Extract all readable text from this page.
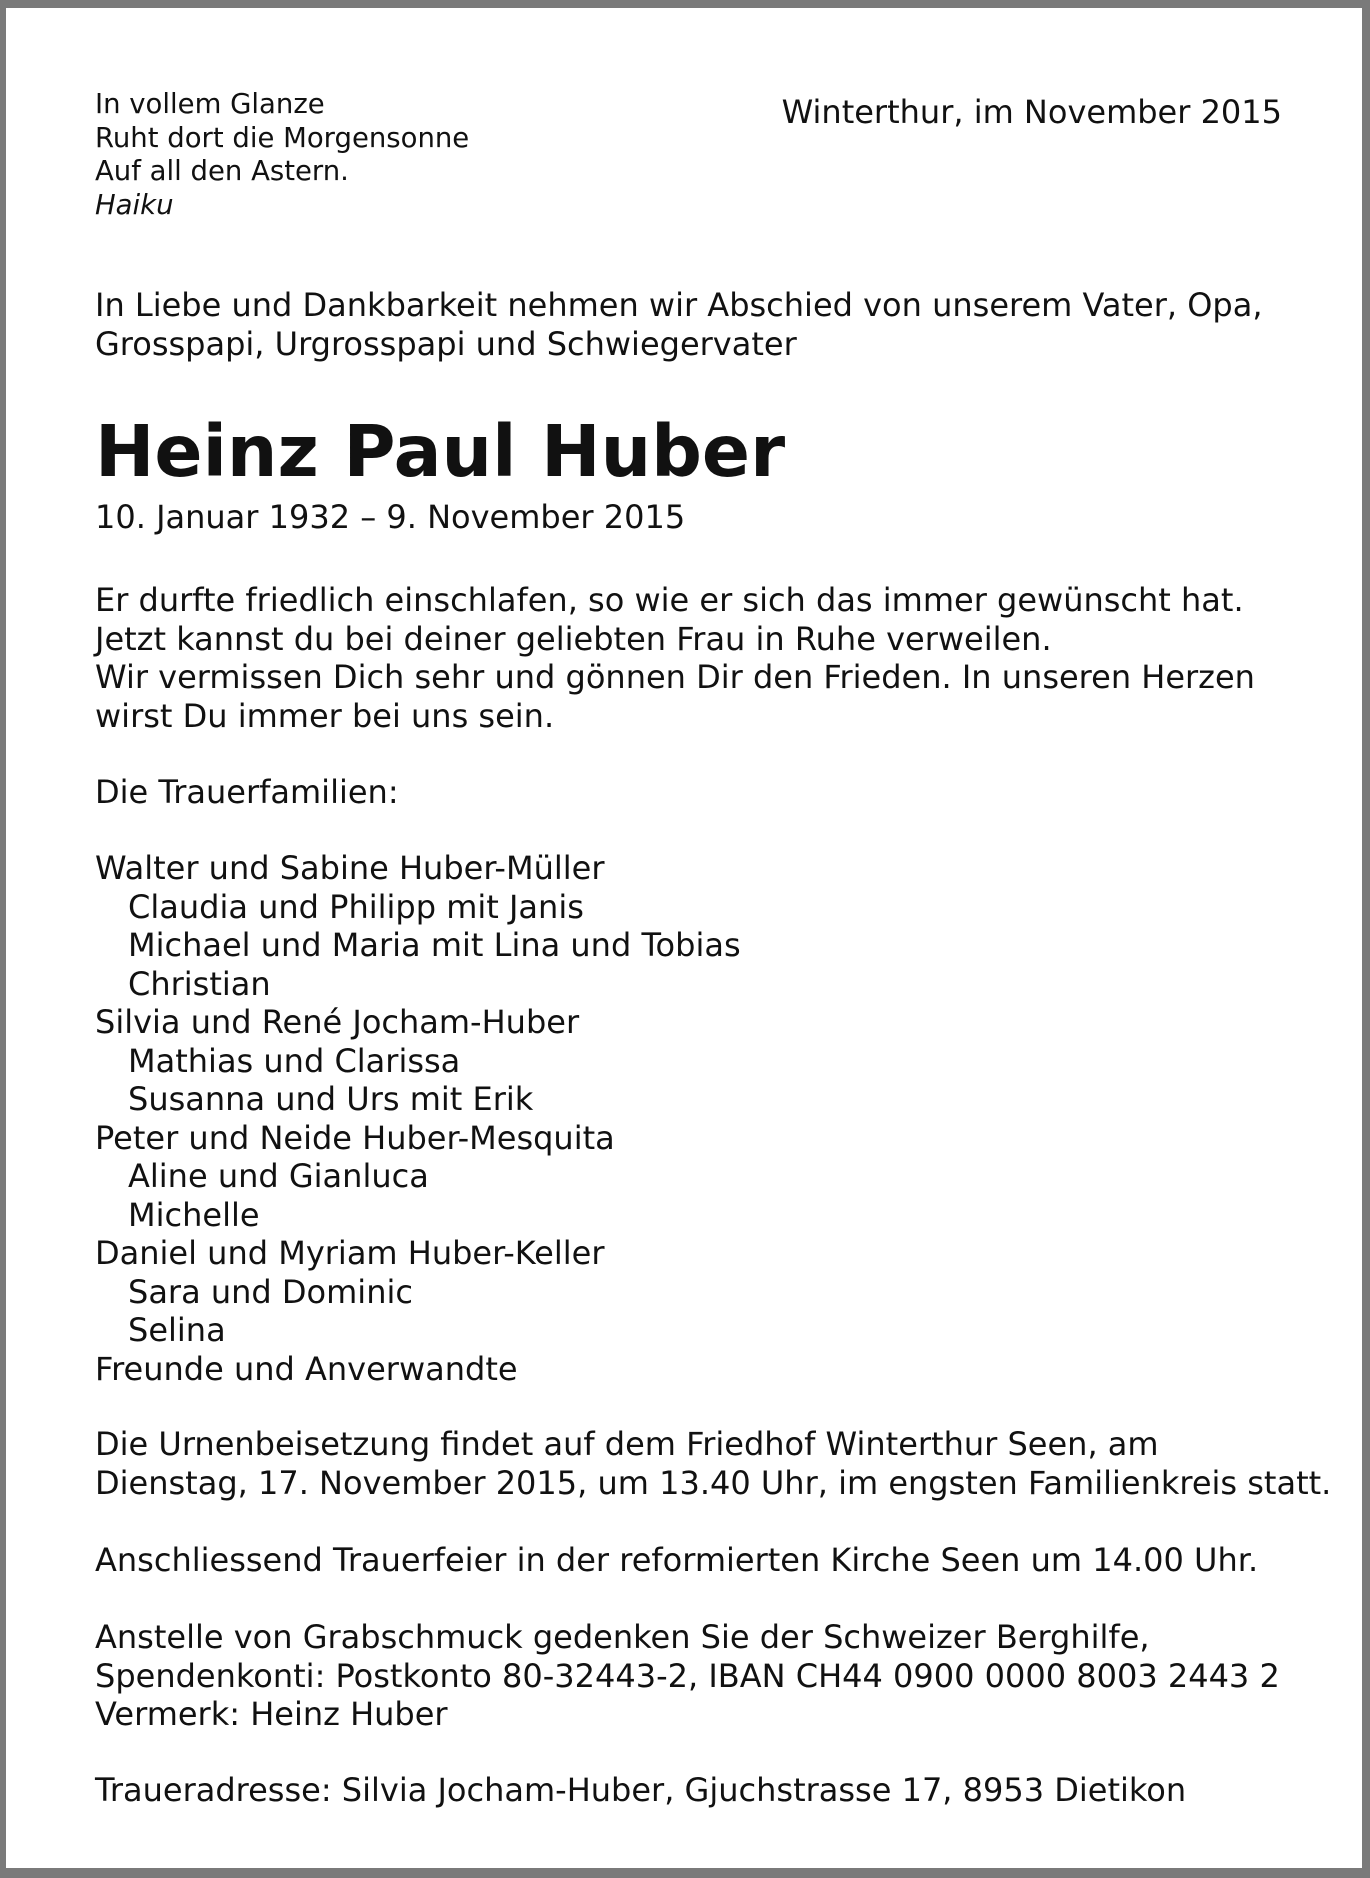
In vollem Glanze

Ruht dort die Morgensonne

Auf all den Astern.

Haiku

Winterthur, im November 2015

In Liebe und Dankbarkeit nehmen wir Abschied von unserem Vater, Opa,

Grosspapi, Urgrosspapi und Schwiegervater

Heinz Paul Huber

10. Januar 1932 – 9. November 2015

Er durfte friedlich einschlafen, so wie er sich das immer gewünscht hat.

Jetzt kannst du bei deiner geliebten Frau in Ruhe verweilen.

Wir vermissen Dich sehr und gönnen Dir den Frieden. In unseren Herzen

wirst Du immer bei uns sein.

Die Trauerfamilien:

Walter und Sabine Huber-Müller

Claudia und Philipp mit Janis

Michael und Maria mit Lina und Tobias

Christian

Silvia und René Jocham-Huber

Mathias und Clarissa

Susanna und Urs mit Erik

Peter und Neide Huber-Mesquita

Aline und Gianluca

Michelle

Daniel und Myriam Huber-Keller

Sara und Dominic

Selina

Freunde und Anverwandte

Die Urnenbeisetzung findet auf dem Friedhof Winterthur Seen, am

Dienstag, 17. November 2015, um 13.40 Uhr, im engsten Familienkreis statt.

Anschliessend Trauerfeier in der reformierten Kirche Seen um 14.00 Uhr.

Anstelle von Grabschmuck gedenken Sie der Schweizer Berghilfe,

Spendenkonti: Postkonto 80-32443-2, IBAN CH44 0900 0000 8003 2443 2

Vermerk: Heinz Huber

Traueradresse: Silvia Jocham-Huber, Gjuchstrasse 17, 8953 Dietikon
